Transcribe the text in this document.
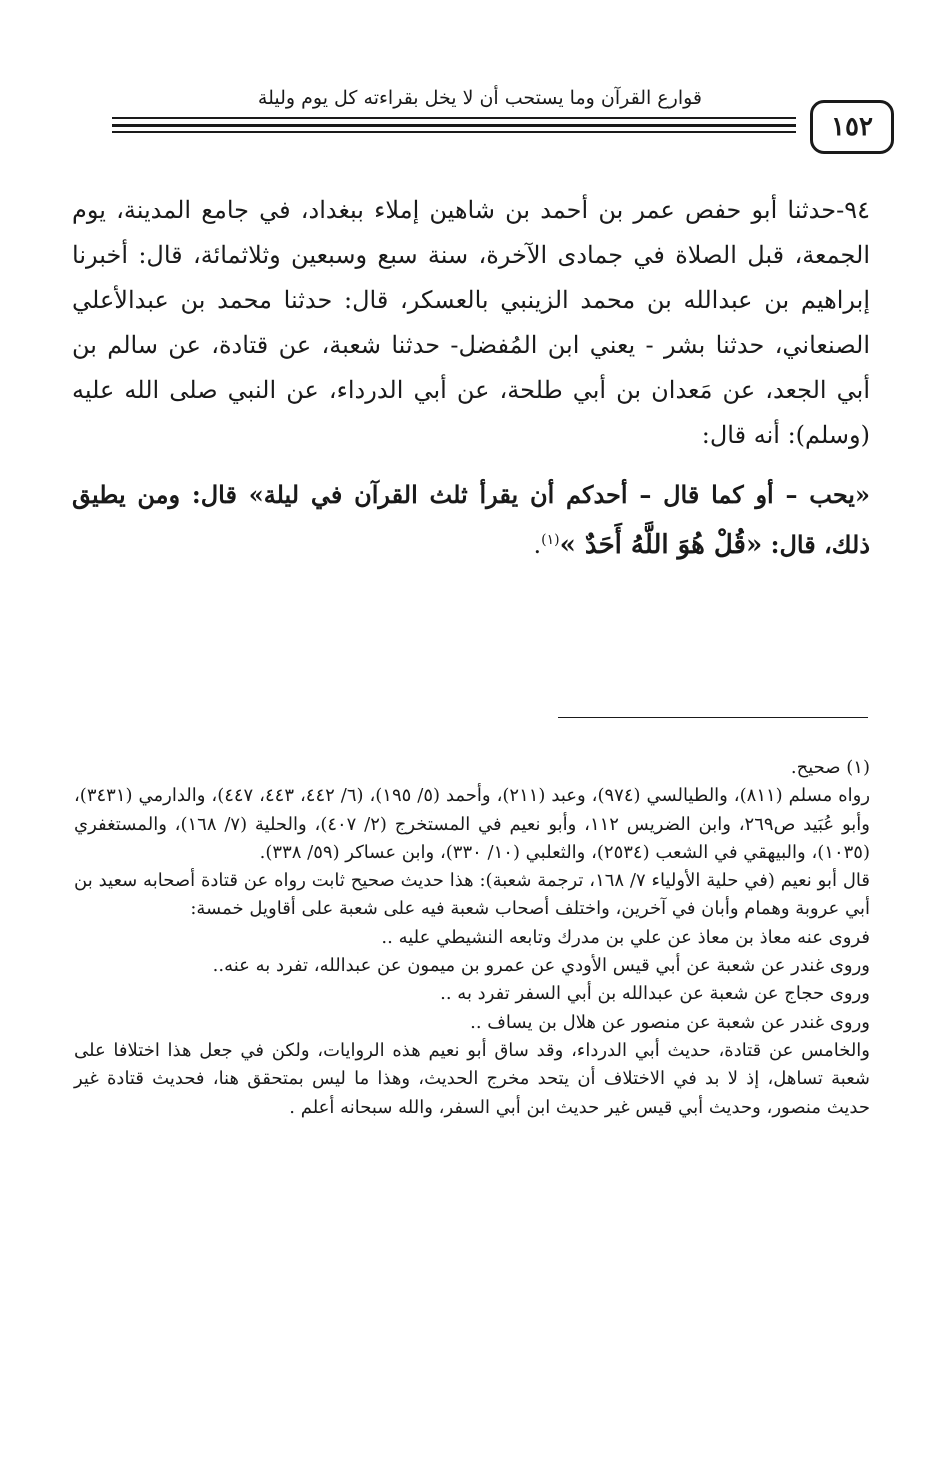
قوارع القرآن وما يستحب أن لا يخل بقراءته كل يوم وليلة
١٥٢

٩٤-حدثنا أبو حفص عمر بن أحمد بن شاهين إملاء ببغداد، في جامع المدينة، يوم الجمعة، قبل الصلاة في جمادى الآخرة، سنة سبع وسبعين وثلاثمائة، قال: أخبرنا إبراهيم بن عبدالله بن محمد الزينبي بالعسكر، قال: حدثنا محمد بن عبدالأعلي الصنعاني، حدثنا بشر - يعني ابن المُفضل- حدثنا شعبة، عن قتادة، عن سالم بن أبي الجعد، عن مَعدان بن أبي طلحة، عن أبي الدرداء، عن النبي صلى الله عليه (وسلم): أنه قال:

«يحب – أو كما قال – أحدكم أن يقرأ ثلث القرآن في ليلة» قال: ومن يطيق ذلك، قال: «قُلْ هُوَ اللَّهُ أَحَدٌ »$^{(١)}$.

(١) صحيح.

رواه مسلم (٨١١)، والطيالسي (٩٧٤)، وعبد (٢١١)، وأحمد (٥/ ١٩٥)، (٦/ ٤٤٢، ٤٤٣، ٤٤٧)، والدارمي (٣٤٣١)، وأبو عُبَيد ص٢٦٩، وابن الضريس ١١٢، وأبو نعيم في المستخرج (٢/ ٤٠٧)، والحلية (٧/ ١٦٨)، والمستغفري (١٠٣٥)، والبيهقي في الشعب (٢٥٣٤)، والثعلبي (١٠/ ٣٣٠)، وابن عساكر (٥٩/ ٣٣٨).

قال أبو نعيم (في حلية الأولياء ٧/ ١٦٨، ترجمة شعبة): هذا حديث صحيح ثابت رواه عن قتادة أصحابه سعيد بن أبي عروبة وهمام وأبان في آخرين، واختلف أصحاب شعبة فيه على شعبة على أقاويل خمسة:

فروى عنه معاذ بن معاذ عن علي بن مدرك وتابعه النشيطي عليه ..

وروى غندر عن شعبة عن أبي قيس الأودي عن عمرو بن ميمون عن عبدالله، تفرد به عنه..

وروى حجاج عن شعبة عن عبدالله بن أبي السفر تفرد به ..

وروى غندر عن شعبة عن منصور عن هلال بن يساف ..

والخامس عن قتادة، حديث أبي الدرداء، وقد ساق أبو نعيم هذه الروايات، ولكن في جعل هذا اختلافا على شعبة تساهل، إذ لا بد في الاختلاف أن يتحد مخرج الحديث، وهذا ما ليس بمتحقق هنا، فحديث قتادة غير حديث منصور، وحديث أبي قيس غير حديث ابن أبي السفر، والله سبحانه أعلم .
